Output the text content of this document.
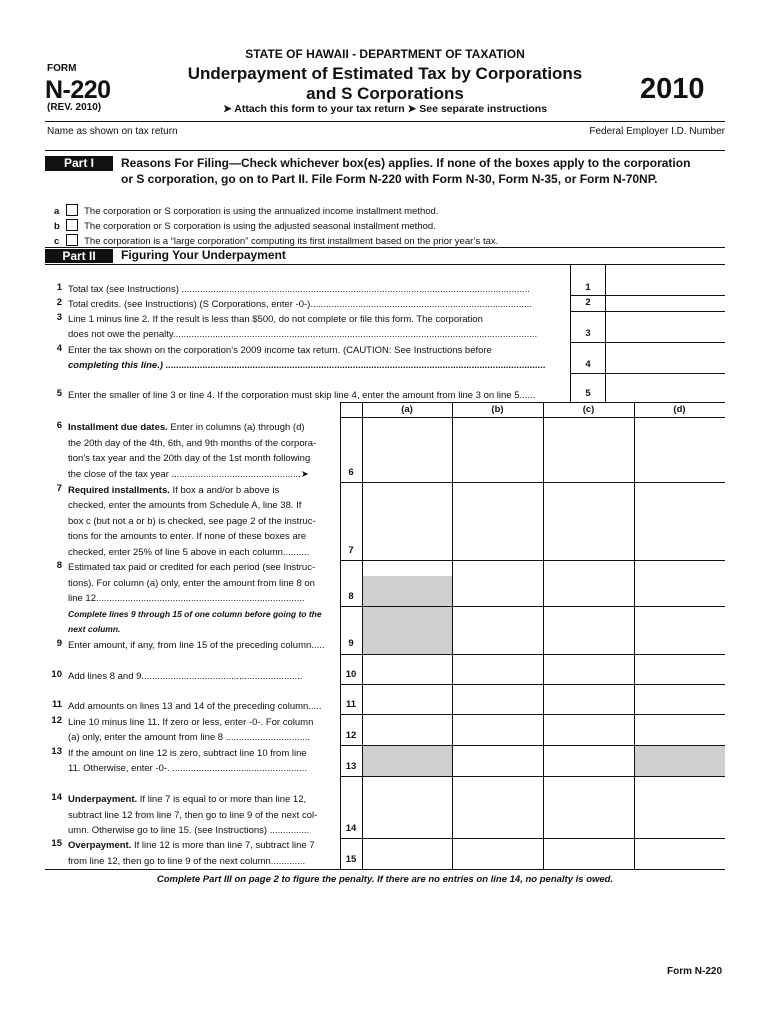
STATE OF HAWAII - DEPARTMENT OF TAXATION
FORM
N-220
(REV. 2010)
Underpayment of Estimated Tax by Corporations
and S Corporations
➤ Attach this form to your tax return ➤ See separate instructions
2010
Name as shown on tax return	Federal Employer I.D. Number
Part I	Reasons For Filing—Check whichever box(es) applies. If none of the boxes apply to the corporation
or S corporation, go on to Part II. File Form N-220 with Form N-30, Form N-35, or Form N-70NP.
a	The corporation or S corporation is using the annualized income installment method.
b	The corporation or S corporation is using the adjusted seasonal installment method.
c	The corporation is a “large corporation” computing its first installment based on the prior year’s tax.
Part II	Figuring Your Underpayment
1 Total tax (see Instructions) ....................................................................................................................................	1
2 Total credits. (see Instructions) (S Corporations, enter -0-)....................................................................................	2
3 Line 1 minus line 2. If the result is less than $500, do not complete or file this form. The corporation
does not owe the penalty..........................................................................................................................................	3
4 Enter the tax shown on the corporation’s 2009 income tax return. (CAUTION: See Instructions before
completing this line.) ................................................................................................................................................	4
5 Enter the smaller of line 3 or line 4. If the corporation must skip line 4, enter the amount from line 3 on line 5......	5
(a)	(b)	(c)	(d)
6 Installment due dates. Enter in columns (a) through (d)
the 20th day of the 4th, 6th, and 9th months of the corpora-
tion’s tax year and the 20th day of the 1st month following
the close of the tax year .................................................➤	6
7 Required installments. If box a and/or b above is
checked, enter the amounts from Schedule A, line 38. If
box c (but not a or b) is checked, see page 2 of the instruc-
tions for the amounts to enter. If none of these boxes are
checked, enter 25% of line 5 above in each column..........	7
8 Estimated tax paid or credited for each period (see Instruc-
tions). For column (a) only, enter the amount from line 8 on
line 12...............................................................................	8
Complete lines 9 through 15 of one column before going to the
next column.
9 Enter amount, if any, from line 15 of the preceding column.....	9
10 Add lines 8 and 9.............................................................	10
11 Add amounts on lines 13 and 14 of the preceding column.....	11
12 Line 10 minus line 11. If zero or less, enter -0-. For column
(a) only, enter the amount from line 8 ................................	12
13 If the amount on line 12 is zero, subtract line 10 from line
11. Otherwise, enter -0-. ...................................................	13
14 Underpayment. If line 7 is equal to or more than line 12,
subtract line 12 from line 7, then go to line 9 of the next col-
umn. Otherwise go to line 15. (see Instructions) ...............	14
15 Overpayment. If line 12 is more than line 7, subtract line 7
from line 12, then go to line 9 of the next column.............	15
Complete Part III on page 2 to figure the penalty. If there are no entries on line 14, no penalty is owed.
Form N-220
